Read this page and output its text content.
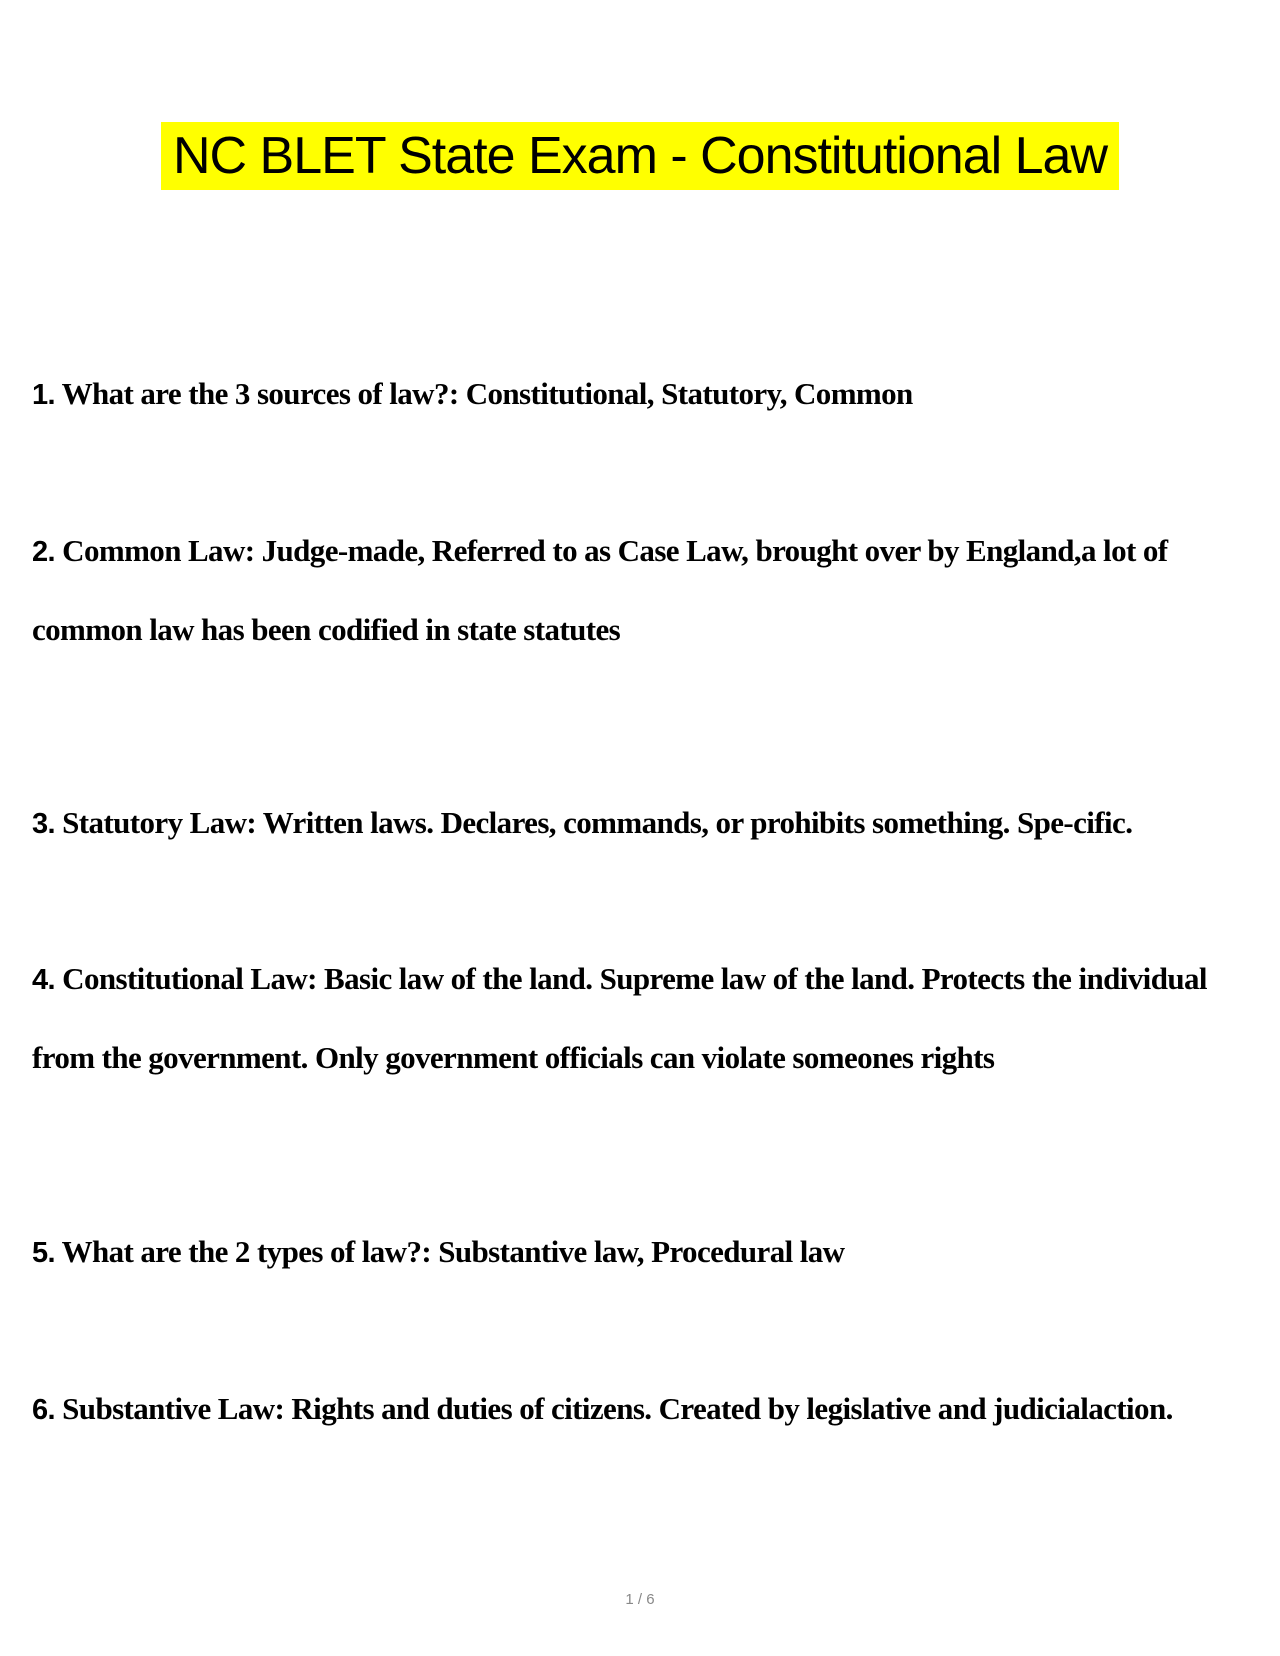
NC BLET State Exam - Constitutional Law
1. What are the 3 sources of law?: Constitutional, Statutory, Common
2. Common Law: Judge-made, Referred to as Case Law, brought over by England,a lot of common law has been codified in state statutes
3. Statutory Law: Written laws. Declares, commands, or prohibits something. Spe-cific.
4. Constitutional Law: Basic law of the land. Supreme law of the land. Protects the individual from the government. Only government officials can violate someones rights
5. What are the 2 types of law?: Substantive law, Procedural law
6. Substantive Law: Rights and duties of citizens. Created by legislative and judicialaction.
1 / 6
